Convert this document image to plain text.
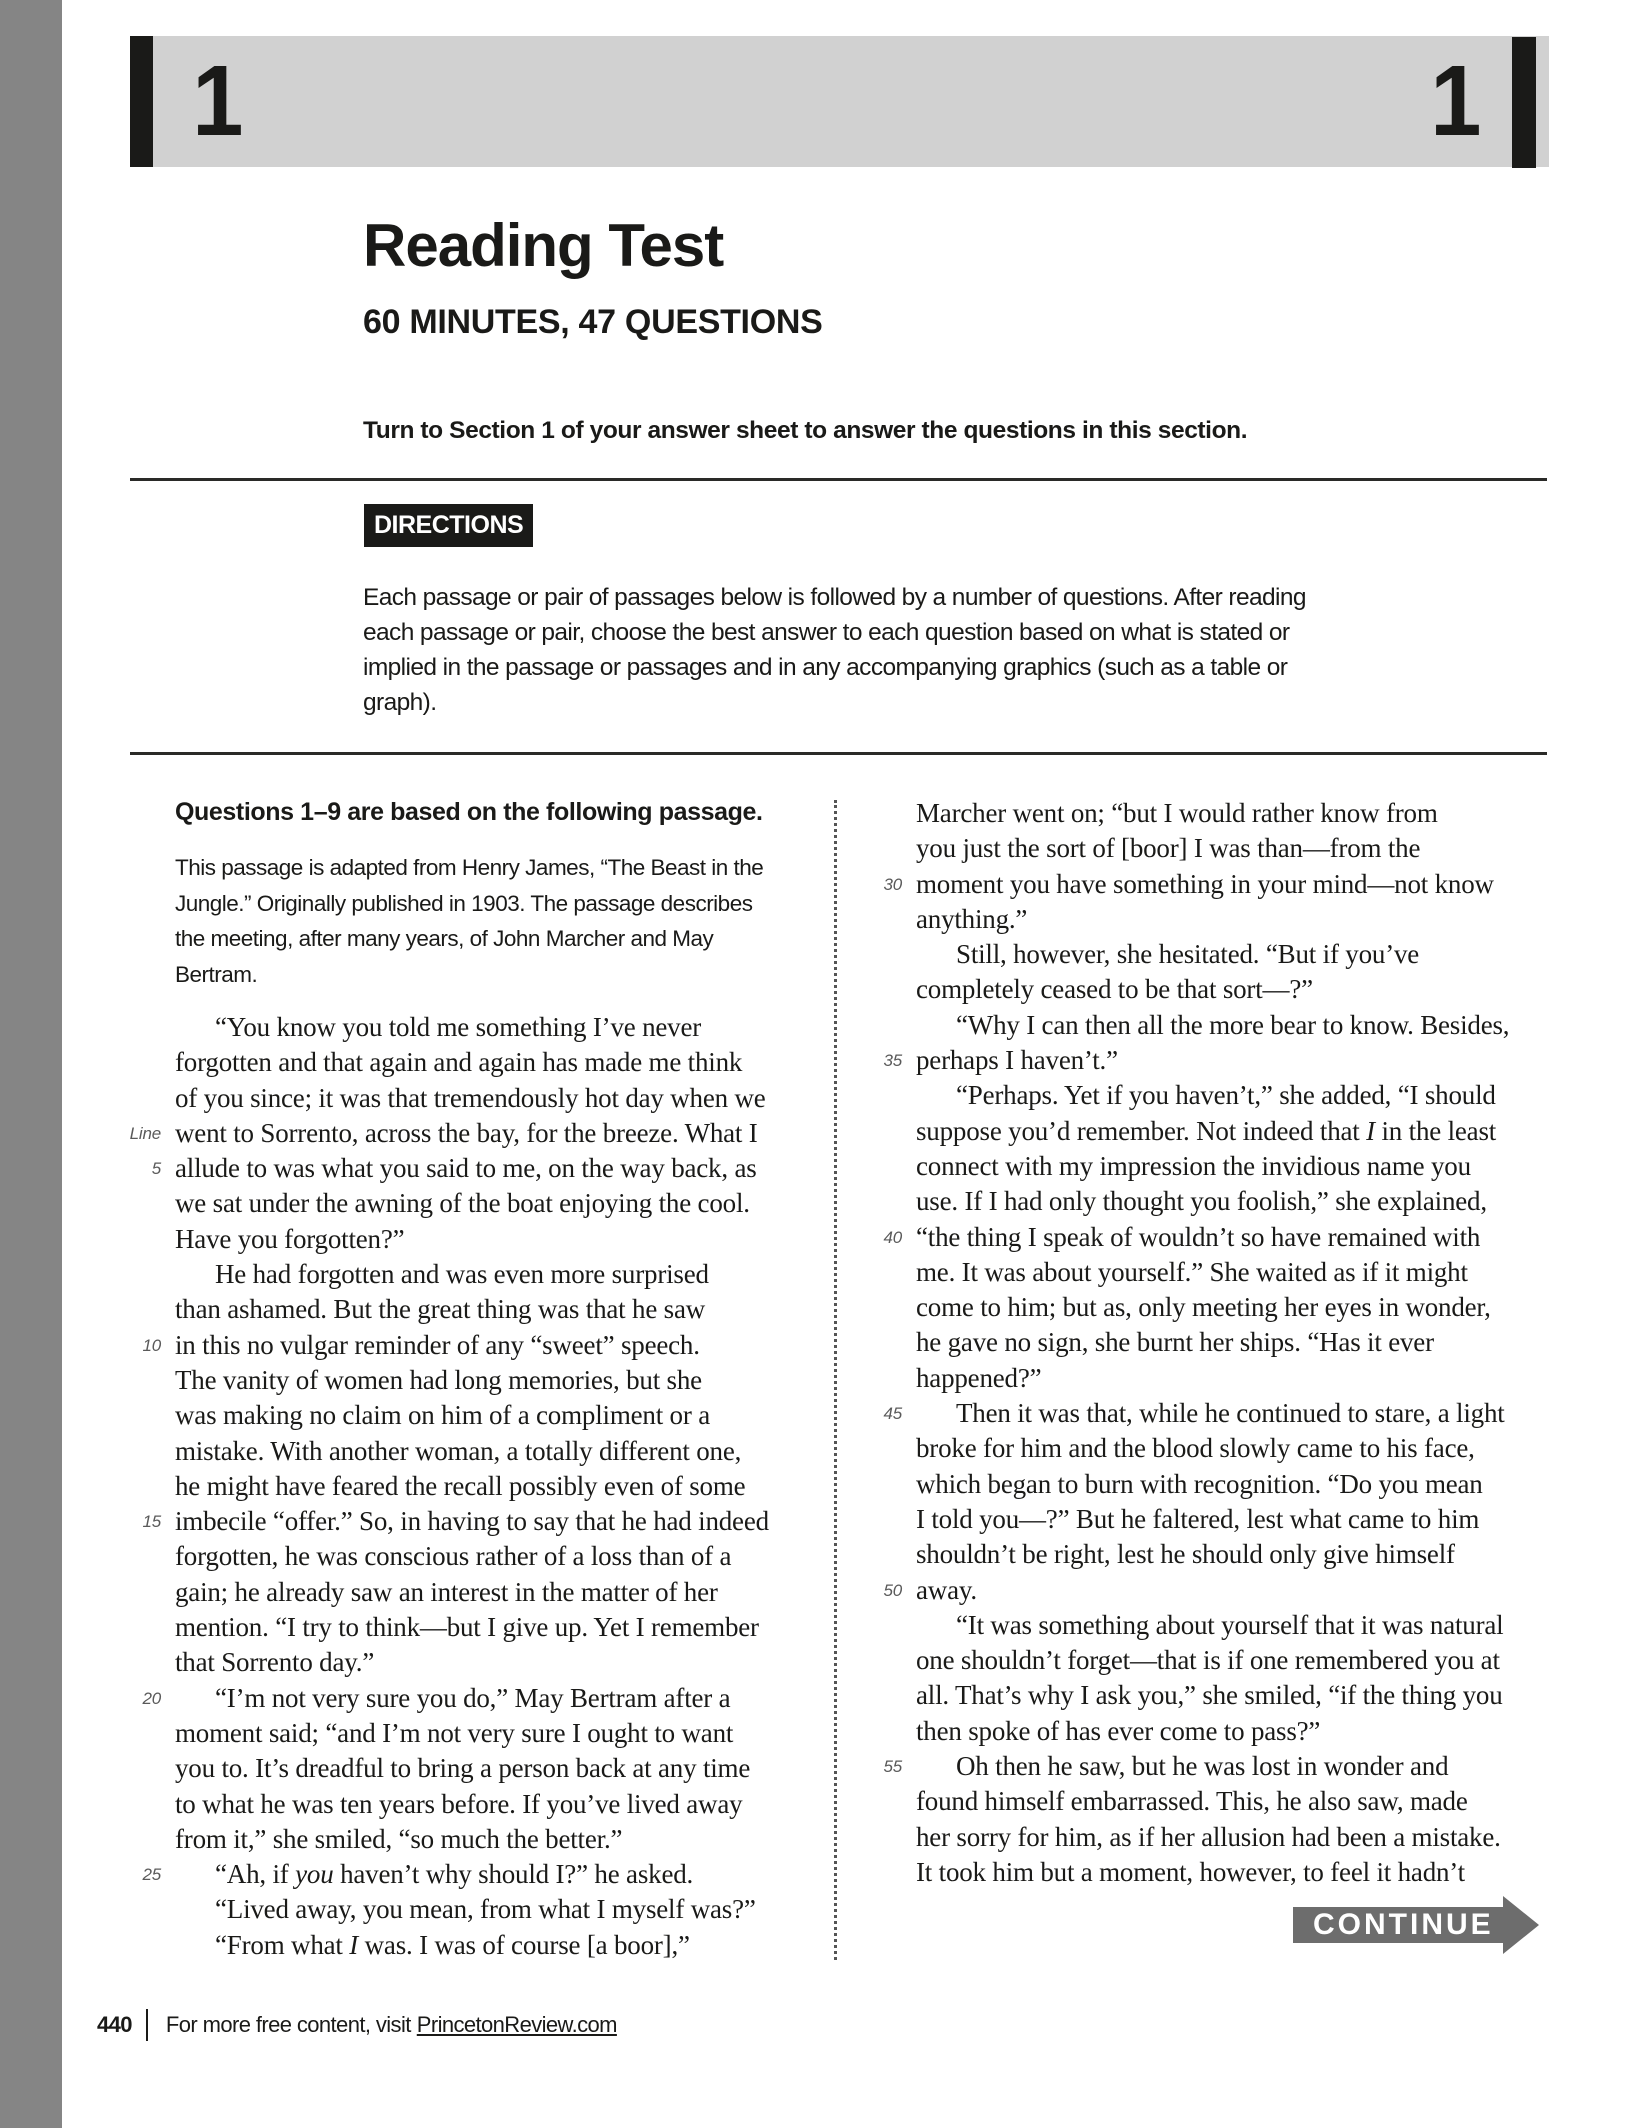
1	1
Reading Test
60 MINUTES, 47 QUESTIONS
Turn to Section 1 of your answer sheet to answer the questions in this section.
DIRECTIONS
Each passage or pair of passages below is followed by a number of questions. After reading
each passage or pair, choose the best answer to each question based on what is stated or
implied in the passage or passages and in any accompanying graphics (such as a table or
graph).
Questions 1–9 are based on the following passage.
This passage is adapted from Henry James, “The Beast in the
Jungle.” Originally published in 1903. The passage describes
the meeting, after many years, of John Marcher and May
Bertram.
“You know you told me something I’ve never
forgotten and that again and again has made me think
of you since; it was that tremendously hot day when we
Line went to Sorrento, across the bay, for the breeze. What I
5 allude to was what you said to me, on the way back, as
we sat under the awning of the boat enjoying the cool.
Have you forgotten?”
He had forgotten and was even more surprised
than ashamed. But the great thing was that he saw
10 in this no vulgar reminder of any “sweet” speech.
The vanity of women had long memories, but she
was making no claim on him of a compliment or a
mistake. With another woman, a totally different one,
he might have feared the recall possibly even of some
15 imbecile “offer.” So, in having to say that he had indeed
forgotten, he was conscious rather of a loss than of a
gain; he already saw an interest in the matter of her
mention. “I try to think—but I give up. Yet I remember
that Sorrento day.”
20 “I’m not very sure you do,” May Bertram after a
moment said; “and I’m not very sure I ought to want
you to. It’s dreadful to bring a person back at any time
to what he was ten years before. If you’ve lived away
from it,” she smiled, “so much the better.”
25 “Ah, if you haven’t why should I?” he asked.
“Lived away, you mean, from what I myself was?”
“From what I was. I was of course [a boor],”
Marcher went on; “but I would rather know from
you just the sort of [boor] I was than—from the
30 moment you have something in your mind—not know
anything.”
Still, however, she hesitated. “But if you’ve
completely ceased to be that sort—?”
“Why I can then all the more bear to know. Besides,
35 perhaps I haven’t.”
“Perhaps. Yet if you haven’t,” she added, “I should
suppose you’d remember. Not indeed that I in the least
connect with my impression the invidious name you
use. If I had only thought you foolish,” she explained,
40 “the thing I speak of wouldn’t so have remained with
me. It was about yourself.” She waited as if it might
come to him; but as, only meeting her eyes in wonder,
he gave no sign, she burnt her ships. “Has it ever
happened?”
45 Then it was that, while he continued to stare, a light
broke for him and the blood slowly came to his face,
which began to burn with recognition. “Do you mean
I told you—?” But he faltered, lest what came to him
shouldn’t be right, lest he should only give himself
50 away.
“It was something about yourself that it was natural
one shouldn’t forget—that is if one remembered you at
all. That’s why I ask you,” she smiled, “if the thing you
then spoke of has ever come to pass?”
55 Oh then he saw, but he was lost in wonder and
found himself embarrassed. This, he also saw, made
her sorry for him, as if her allusion had been a mistake.
It took him but a moment, however, to feel it hadn’t
CONTINUE
440 For more free content, visit PrincetonReview.com
